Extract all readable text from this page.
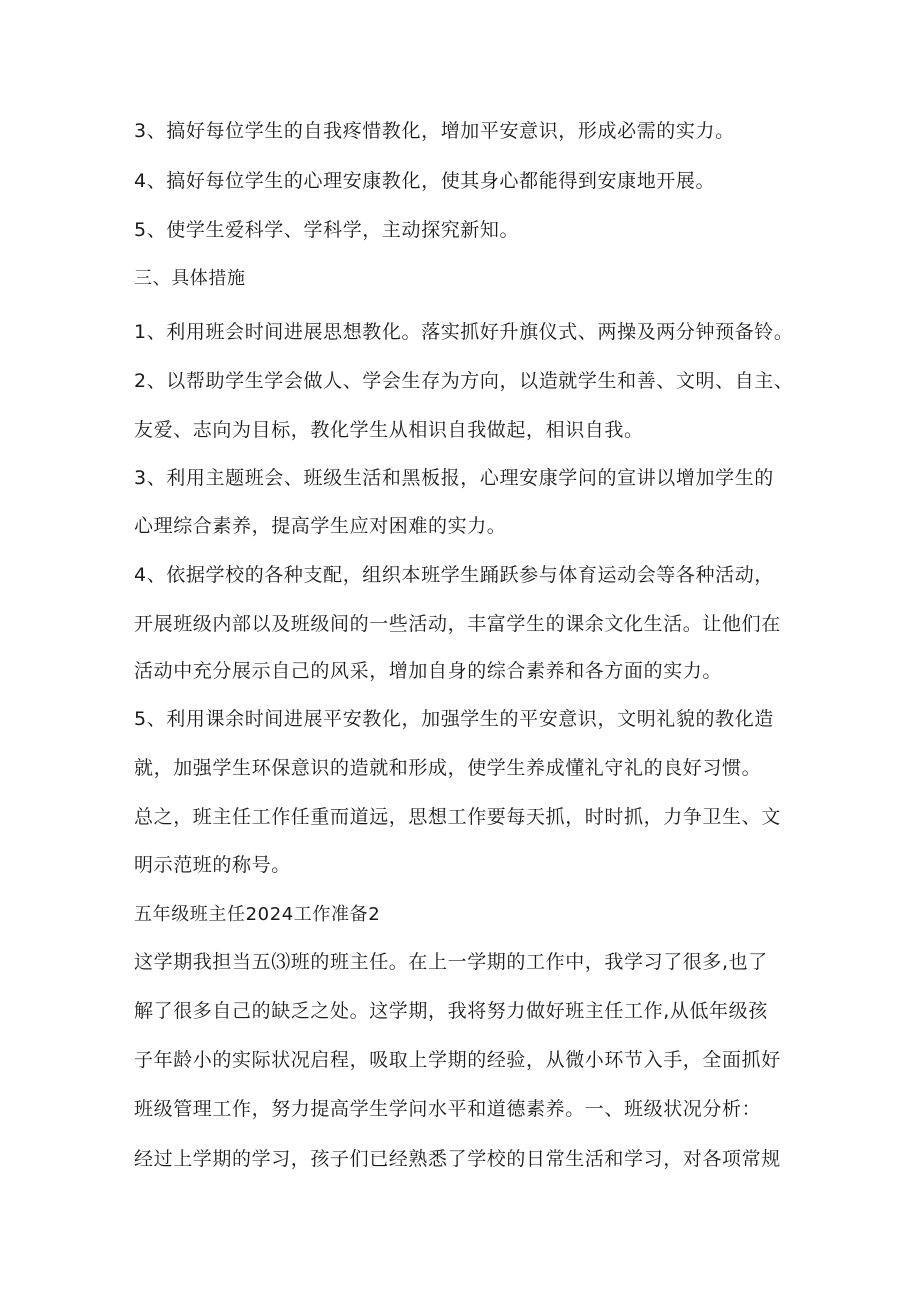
3、搞好每位学生的自我疼惜教化，增加平安意识，形成必需的实力。
4、搞好每位学生的心理安康教化，使其身心都能得到安康地开展。
5、使学生爱科学、学科学，主动探究新知。
三、具体措施
1、利用班会时间进展思想教化。落实抓好升旗仪式、两操及两分钟预备铃。
2、以帮助学生学会做人、学会生存为方向，以造就学生和善、文明、自主、
友爱、志向为目标，教化学生从相识自我做起，相识自我。
3、利用主题班会、班级生活和黑板报，心理安康学问的宣讲以增加学生的
心理综合素养，提高学生应对困难的实力。
4、依据学校的各种支配，组织本班学生踊跃参与体育运动会等各种活动，
开展班级内部以及班级间的一些活动，丰富学生的课余文化生活。让他们在
活动中充分展示自己的风采，增加自身的综合素养和各方面的实力。
5、利用课余时间进展平安教化，加强学生的平安意识，文明礼貌的教化造
就，加强学生环保意识的造就和形成，使学生养成懂礼守礼的良好习惯。
总之，班主任工作任重而道远，思想工作要每天抓，时时抓，力争卫生、文
明示范班的称号。
五年级班主任2024工作准备2
这学期我担当五⑶班的班主任。在上一学期的工作中，我学习了很多,也了
解了很多自己的缺乏之处。这学期，我将努力做好班主任工作,从低年级孩
子年龄小的实际状况启程，吸取上学期的经验，从微小环节入手，全面抓好
班级管理工作，努力提高学生学问水平和道德素养。一、班级状况分析：
经过上学期的学习，孩子们已经熟悉了学校的日常生活和学习，对各项常规
